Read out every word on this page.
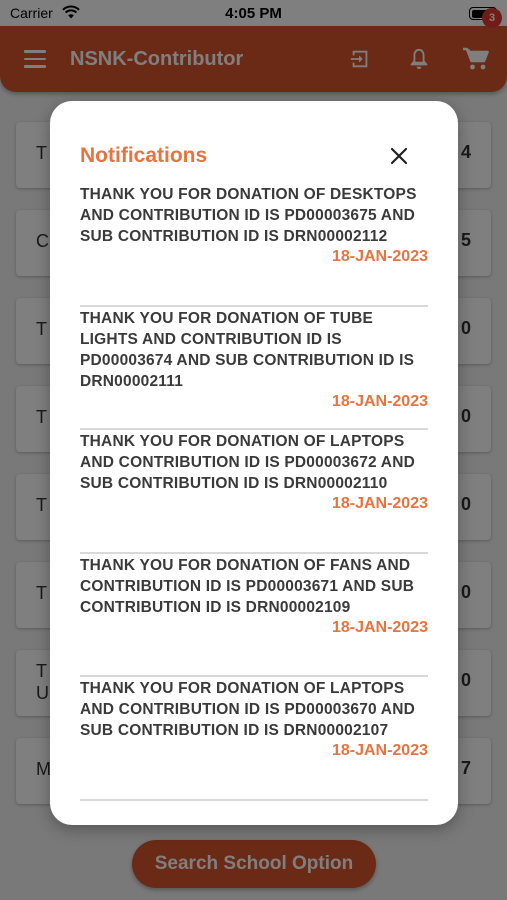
Notifications
THANK YOU FOR DONATION OF DESKTOPS AND CONTRIBUTION ID IS PD00003675 AND SUB CONTRIBUTION ID IS DRN00002112
18-JAN-2023
THANK YOU FOR DONATION OF TUBE LIGHTS AND CONTRIBUTION ID IS PD00003674 AND SUB CONTRIBUTION ID IS DRN00002111
18-JAN-2023
THANK YOU FOR DONATION OF LAPTOPS AND CONTRIBUTION ID IS PD00003672 AND SUB CONTRIBUTION ID IS DRN00002110
18-JAN-2023
THANK YOU FOR DONATION OF FANS AND CONTRIBUTION ID IS PD00003671 AND SUB CONTRIBUTION ID IS DRN00002109
18-JAN-2023
THANK YOU FOR DONATION OF LAPTOPS AND CONTRIBUTION ID IS PD00003670 AND SUB CONTRIBUTION ID IS DRN00002107
18-JAN-2023
